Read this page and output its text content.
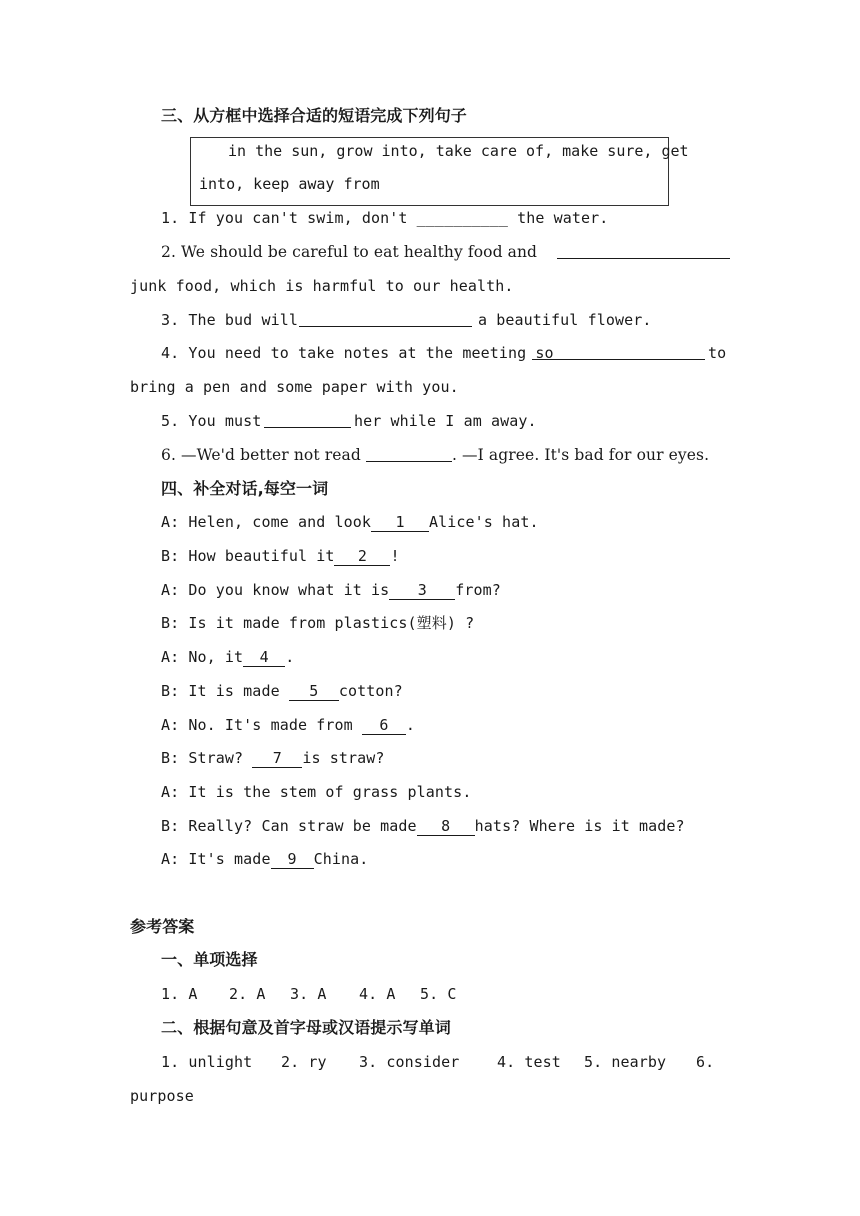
三、从方框中选择合适的短语完成下列句子
in the sun, grow into, take care of, make sure, get
into, keep away from
1. If you can't swim, don't __________ the water.
2. We should be careful to eat healthy food and
junk food, which is harmful to our health.
3. The bud will	a beautiful flower.
4. You need to take notes at the meeting so	to
bring a pen and some paper with you.
5. You must	her while I am away.
6. —We'd better not read	. —I agree. It's bad for our eyes.
四、补全对话,每空一词
A: Helen, come and look 1 Alice's hat.
B: How beautiful it 2 !
A: Do you know what it is 3 from?
B: Is it made from plastics(塑料) ?
A: No, it 4 .
B: It is made 5 cotton?
A: No. It's made from 6 .
B: Straw? 7 is straw?
A: It is the stem of grass plants.
B: Really? Can straw be made 8 hats? Where is it made?
A: It's made 9 China.
参考答案
一、单项选择
1. A 2. A 3. A 4. A 5. C
二、根据句意及首字母或汉语提示写单词
1. unlight 2. ry 3. consider	4. test 5. nearby 6.
purpose
